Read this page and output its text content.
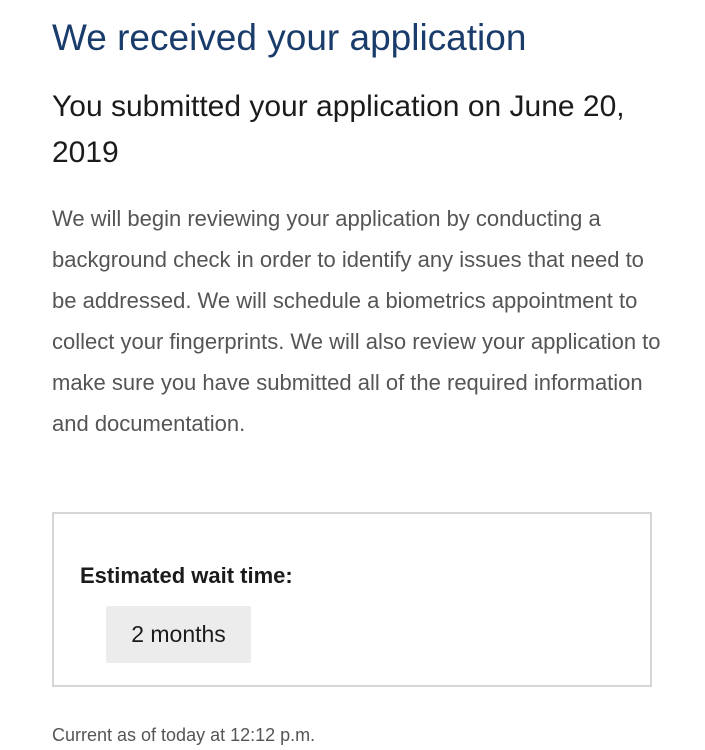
We received your application
You submitted your application on June 20, 2019

We will begin reviewing your application by conducting a background check in order to identify any issues that need to be addressed. We will schedule a biometrics appointment to collect your fingerprints. We will also review your application to make sure you have submitted all of the required information and documentation.

Estimated wait time:

2 months

Current as of today at 12:12 p.m.
